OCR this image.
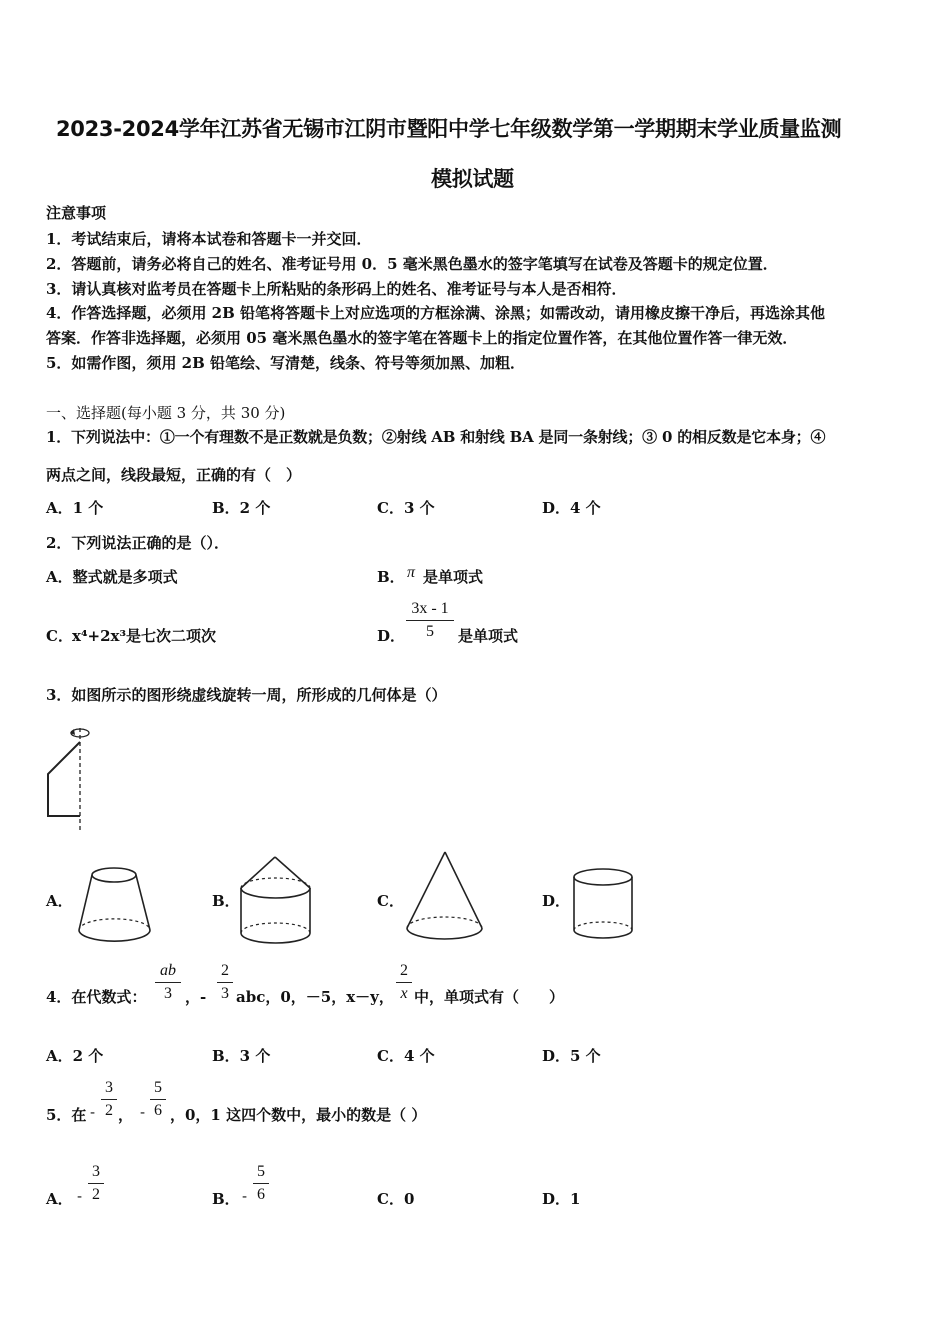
2023-2024学年江苏省无锡市江阴市暨阳中学七年级数学第一学期期末学业质量监测
模拟试题
注意事项
1．考试结束后，请将本试卷和答题卡一并交回．
2．答题前，请务必将自己的姓名、准考证号用 0．5 毫米黑色墨水的签字笔填写在试卷及答题卡的规定位置．
3．请认真核对监考员在答题卡上所粘贴的条形码上的姓名、准考证号与本人是否相符．
4．作答选择题，必须用 2B 铅笔将答题卡上对应选项的方框涂满、涂黑；如需改动，请用橡皮擦干净后，再选涂其他
答案．作答非选择题，必须用 05 毫米黑色墨水的签字笔在答题卡上的指定位置作答，在其他位置作答一律无效．
5．如需作图，须用 2B 铅笔绘、写清楚，线条、符号等须加黑、加粗．
一、选择题(每小题 3 分，共 30 分)
1．下列说法中：①一个有理数不是正数就是负数；②射线 AB 和射线 BA 是同一条射线；③ 0 的相反数是它本身；④
两点之间，线段最短，正确的有（　）
A．1 个	B．2 个	C．3 个	D．4 个
2．下列说法正确的是（）．
A．整式就是多项式	B． π 是单项式
C． x⁴+2x³是七次二项次	D．
3x - 1
5	是单项式
3．如图所示的图形绕虚线旋转一周，所形成的几何体是（）
A．	B．	C．	D．
4．在代数式：
ab
3 ，-
2
3 abc，0，－5，x－y，
2
x 中，单项式有（　　）
A．2 个	B．3 个	C．4 个	D．5 个
5．在 -
3
2 ， -
5
6 ，0，1 这四个数中，最小的数是（ ）
A． -
3
2	B． -
5
6	C．0	D．1
